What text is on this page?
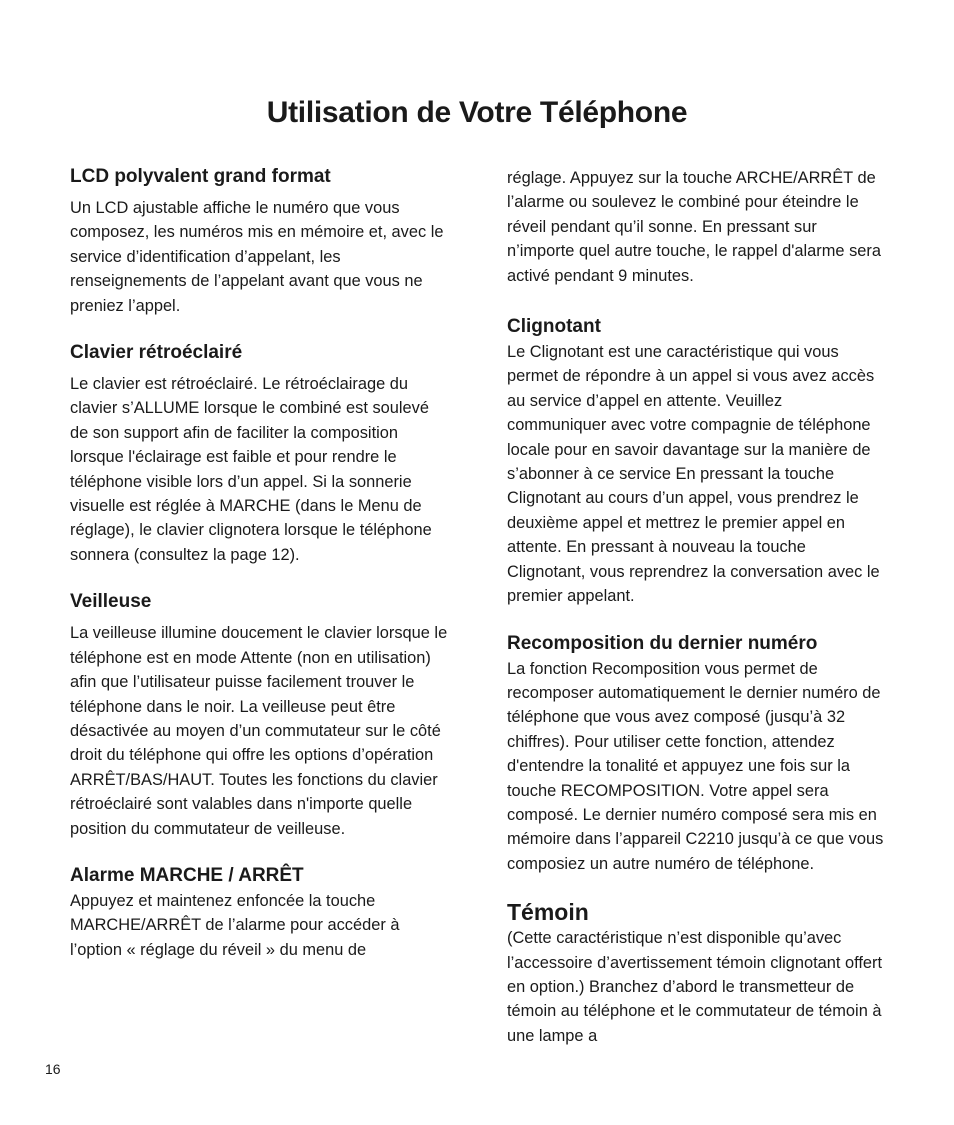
Utilisation de Votre Téléphone
LCD polyvalent grand format

Un LCD ajustable affiche le numéro que vous composez, les numéros mis en mémoire et, avec le service d’identification d’appelant, les renseignements de l’appelant avant que vous ne preniez l’appel.

Clavier rétroéclairé

Le clavier est rétroéclairé. Le rétroéclairage du clavier s’ALLUME lorsque le combiné est soulevé de son support afin de faciliter la composition lorsque l'éclairage est faible et pour rendre le téléphone visible lors d’un appel. Si la sonnerie visuelle est réglée à MARCHE (dans le Menu de réglage), le clavier clignotera lorsque le téléphone sonnera (consultez la page 12).

Veilleuse

La veilleuse illumine doucement le clavier lorsque le téléphone est en mode Attente (non en utilisation) afin que l’utilisateur puisse facilement trouver le téléphone dans le noir. La veilleuse peut être désactivée au moyen d’un commutateur sur le côté droit du téléphone qui offre les options d’opération ARRÊT/BAS/HAUT. Toutes les fonctions du clavier rétroéclairé sont valables dans n'importe quelle position du commutateur de veilleuse.

Alarme MARCHE / ARRÊT

Appuyez et maintenez enfoncée la touche MARCHE/ARRÊT de l’alarme pour accéder à l’option « réglage du réveil » du menu de

réglage. Appuyez sur la touche ARCHE/ARRÊT de l’alarme ou soulevez le combiné pour éteindre le réveil pendant qu’il sonne. En pressant sur n’importe quel autre touche, le rappel d'alarme sera activé pendant 9 minutes.

Clignotant

Le Clignotant est une caractéristique qui vous permet de répondre à un appel si vous avez accès au service d’appel en attente. Veuillez communiquer avec votre compagnie de téléphone locale pour en savoir davantage sur la manière de s’abonner à ce service En pressant la touche Clignotant au cours d’un appel, vous prendrez le deuxième appel et mettrez le premier appel en attente. En pressant à nouveau la touche Clignotant, vous reprendrez la conversation avec le premier appelant.

Recomposition du dernier numéro

La fonction Recomposition vous permet de recomposer automatiquement le dernier numéro de téléphone que vous avez composé (jusqu’à 32 chiffres). Pour utiliser cette fonction, attendez d'entendre la tonalité et appuyez une fois sur la touche RECOMPOSITION. Votre appel sera composé. Le dernier numéro composé sera mis en mémoire dans l’appareil C2210 jusqu’à ce que vous composiez un autre numéro de téléphone.

Témoin

(Cette caractéristique n’est disponible qu’avec l’accessoire d’avertissement témoin clignotant offert en option.) Branchez d’abord le transmetteur de témoin au téléphone et le commutateur de témoin à une lampe a

16
